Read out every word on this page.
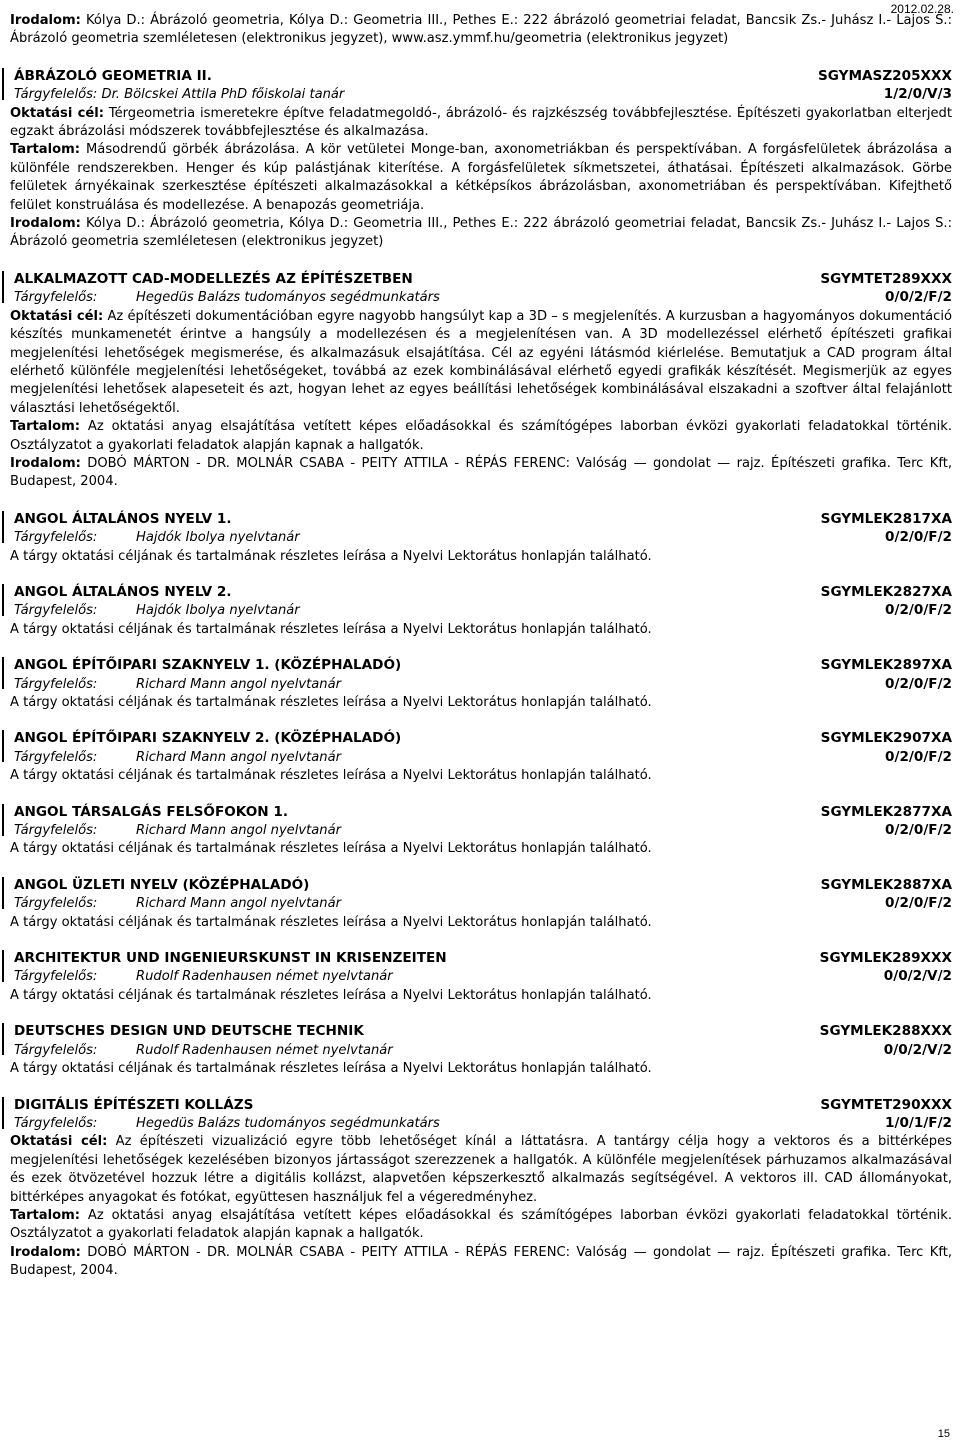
2012.02.28.

Irodalom: Kólya D.: Ábrázoló geometria, Kólya D.: Geometria III., Pethes E.: 222 ábrázoló geometriai feladat, Bancsik Zs.- Juhász I.- Lajos S.: Ábrázoló geometria szemléletesen (elektronikus jegyzet), www.asz.ymmf.hu/geometria (elektronikus jegyzet)

ÁBRÁZOLÓ GEOMETRIA II.	SGYMASZ205XXX
Tárgyfelelős: Dr. Bölcskei Attila PhD főiskolai tanár	1/2/0/V/3

Oktatási cél: Térgeometria ismeretekre építve feladatmegoldó-, ábrázoló- és rajzkészség továbbfejlesztése. Építészeti gyakorlatban elterjedt egzakt ábrázolási módszerek továbbfejlesztése és alkalmazása.

Tartalom: Másodrendű görbék ábrázolása. A kör vetületei Monge-ban, axonometriákban és perspektívában. A forgásfelületek ábrázolása a különféle rendszerekben. Henger és kúp palástjának kiterítése. A forgásfelületek síkmetszetei, áthatásai. Építészeti alkalmazások. Görbe felületek árnyékainak szerkesztése építészeti alkalmazásokkal a kétképsíkos ábrázolásban, axonometriában és perspektívában. Kifejthető felület konstruálása és modellezése. A benapozás geometriája.

Irodalom: Kólya D.: Ábrázoló geometria, Kólya D.: Geometria III., Pethes E.: 222 ábrázoló geometriai feladat, Bancsik Zs.- Juhász I.- Lajos S.: Ábrázoló geometria szemléletesen (elektronikus jegyzet)

ALKALMAZOTT CAD-MODELLEZÉS AZ ÉPÍTÉSZETBEN	SGYMTET289XXX
Tárgyfelelős:	Hegedüs Balázs tudományos segédmunkatárs	0/0/2/F/2

Oktatási cél: Az építészeti dokumentációban egyre nagyobb hangsúlyt kap a 3D – s megjelenítés. A kurzusban a hagyományos dokumentáció készítés munkamenetét érintve a hangsúly a modellezésen és a megjelenítésen van. A 3D modellezéssel elérhető építészeti grafikai megjelenítési lehetőségek megismerése, és alkalmazásuk elsajátítása. Cél az egyéni látásmód kiérlelése. Bemutatjuk a CAD program által elérhető különféle megjelenítési lehetőségeket, továbbá az ezek kombinálásával elérhető egyedi grafikák készítését. Megismerjük az egyes megjelenítési lehetősek alapeseteit és azt, hogyan lehet az egyes beállítási lehetőségek kombinálásával elszakadni a szoftver által felajánlott választási lehetőségektől.

Tartalom: Az oktatási anyag elsajátítása vetített képes előadásokkal és számítógépes laborban évközi gyakorlati feladatokkal történik. Osztályzatot a gyakorlati feladatok alapján kapnak a hallgatók.

Irodalom: DOBÓ MÁRTON - DR. MOLNÁR CSABA - PEITY ATTILA - RÉPÁS FERENC: Valóság — gondolat — rajz. Építészeti grafika. Terc Kft, Budapest, 2004.

ANGOL ÁLTALÁNOS NYELV 1.	SGYMLEK2817XA
Tárgyfelelős:	Hajdók Ibolya nyelvtanár	0/2/0/F/2

A tárgy oktatási céljának és tartalmának részletes leírása a Nyelvi Lektorátus honlapján található.

ANGOL ÁLTALÁNOS NYELV 2.	SGYMLEK2827XA
Tárgyfelelős:	Hajdók Ibolya nyelvtanár	0/2/0/F/2

A tárgy oktatási céljának és tartalmának részletes leírása a Nyelvi Lektorátus honlapján található.

ANGOL ÉPÍTŐIPARI SZAKNYELV 1. (KÖZÉPHALADÓ)	SGYMLEK2897XA
Tárgyfelelős:	Richard Mann angol nyelvtanár	0/2/0/F/2

A tárgy oktatási céljának és tartalmának részletes leírása a Nyelvi Lektorátus honlapján található.

ANGOL ÉPÍTŐIPARI SZAKNYELV 2. (KÖZÉPHALADÓ)	SGYMLEK2907XA
Tárgyfelelős:	Richard Mann angol nyelvtanár	0/2/0/F/2

A tárgy oktatási céljának és tartalmának részletes leírása a Nyelvi Lektorátus honlapján található.

ANGOL TÁRSALGÁS FELSŐFOKON 1.	SGYMLEK2877XA
Tárgyfelelős:	Richard Mann angol nyelvtanár	0/2/0/F/2

A tárgy oktatási céljának és tartalmának részletes leírása a Nyelvi Lektorátus honlapján található.

ANGOL ÜZLETI NYELV (KÖZÉPHALADÓ)	SGYMLEK2887XA
Tárgyfelelős:	Richard Mann angol nyelvtanár	0/2/0/F/2

A tárgy oktatási céljának és tartalmának részletes leírása a Nyelvi Lektorátus honlapján található.

ARCHITEKTUR UND INGENIEURSKUNST IN KRISENZEITEN	SGYMLEK289XXX
Tárgyfelelős:	Rudolf Radenhausen német nyelvtanár	0/0/2/V/2

A tárgy oktatási céljának és tartalmának részletes leírása a Nyelvi Lektorátus honlapján található.

DEUTSCHES DESIGN UND DEUTSCHE TECHNIK	SGYMLEK288XXX
Tárgyfelelős:	Rudolf Radenhausen német nyelvtanár	0/0/2/V/2

A tárgy oktatási céljának és tartalmának részletes leírása a Nyelvi Lektorátus honlapján található.

DIGITÁLIS ÉPÍTÉSZETI KOLLÁZS	SGYMTET290XXX
Tárgyfelelős:	Hegedüs Balázs tudományos segédmunkatárs	1/0/1/F/2

Oktatási cél: Az építészeti vizualizáció egyre több lehetőséget kínál a láttatásra. A tantárgy célja hogy a vektoros és a bittérképes megjelenítési lehetőségek kezelésében bizonyos jártasságot szerezzenek a hallgatók. A különféle megjelenítések párhuzamos alkalmazásával és ezek ötvözetével hozzuk létre a digitális kollázst, alapvetően képszerkesztő alkalmazás segítségével. A vektoros ill. CAD állományokat, bittérképes anyagokat és fotókat, együttesen használjuk fel a végeredményhez.

Tartalom: Az oktatási anyag elsajátítása vetített képes előadásokkal és számítógépes laborban évközi gyakorlati feladatokkal történik. Osztályzatot a gyakorlati feladatok alapján kapnak a hallgatók.

Irodalom: DOBÓ MÁRTON - DR. MOLNÁR CSABA - PEITY ATTILA - RÉPÁS FERENC: Valóság — gondolat — rajz. Építészeti grafika. Terc Kft, Budapest, 2004.

15
